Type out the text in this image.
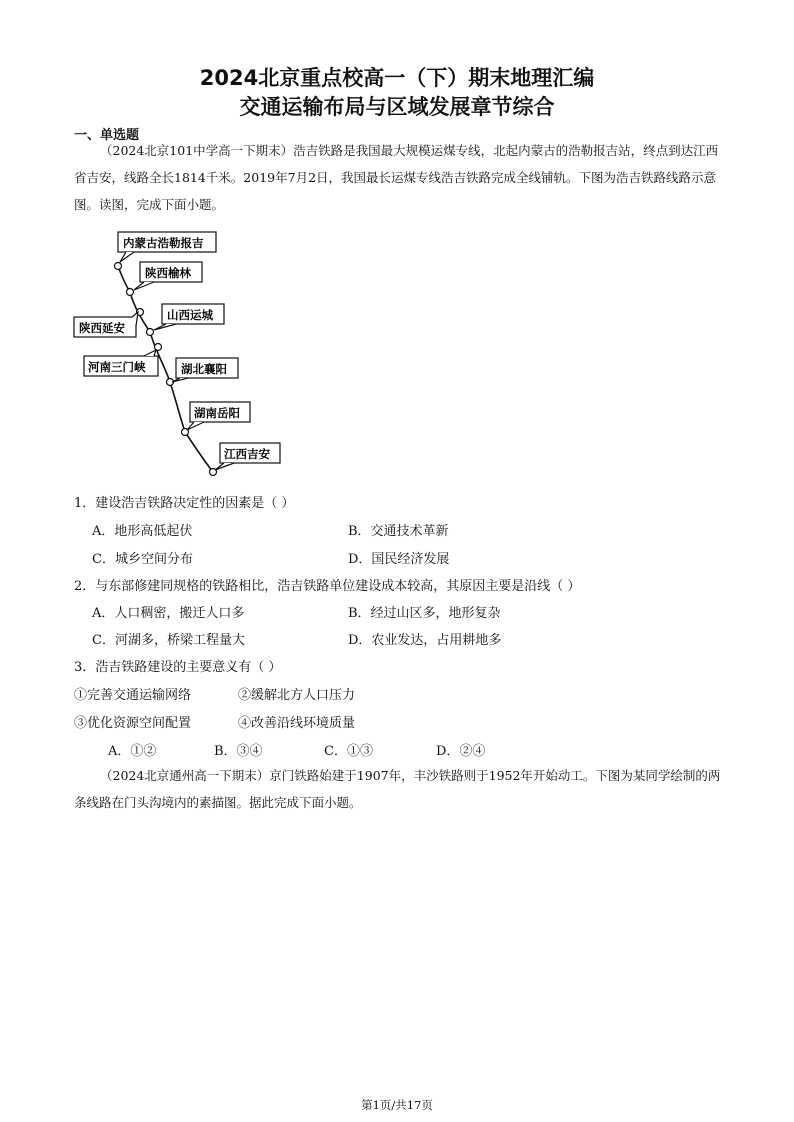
2024北京重点校高一（下）期末地理汇编
交通运输布局与区域发展章节综合
一、单选题
（2024北京101中学高一下期末）浩吉铁路是我国最大规模运煤专线，北起内蒙古的浩勒报吉站，终点到达江西省吉安，线路全长1814千米。2019年7月2日，我国最长运煤专线浩吉铁路完成全线铺轨。下图为浩吉铁路线路示意图。读图，完成下面小题。
内蒙古浩勒报吉
陕西榆林
山西运城
陕西延安
河南三门峡	湖北襄阳
湖南岳阳
江西吉安
1．建设浩吉铁路决定性的因素是（ ）
A．地形高低起伏	B．交通技术革新
C．城乡空间分布	D．国民经济发展
2．与东部修建同规格的铁路相比，浩吉铁路单位建设成本较高，其原因主要是沿线（ ）
A．人口稠密，搬迁人口多	B．经过山区多，地形复杂
C．河湖多，桥梁工程量大	D．农业发达，占用耕地多
3．浩吉铁路建设的主要意义有（ ）
①完善交通运输网络	②缓解北方人口压力
③优化资源空间配置	④改善沿线环境质量
A．①②	B．③④	C．①③	D．②④
（2024北京通州高一下期末）京门铁路始建于1907年，丰沙铁路则于1952年开始动工。下图为某同学绘制的两条线路在门头沟境内的素描图。据此完成下面小题。
第1页/共17页
